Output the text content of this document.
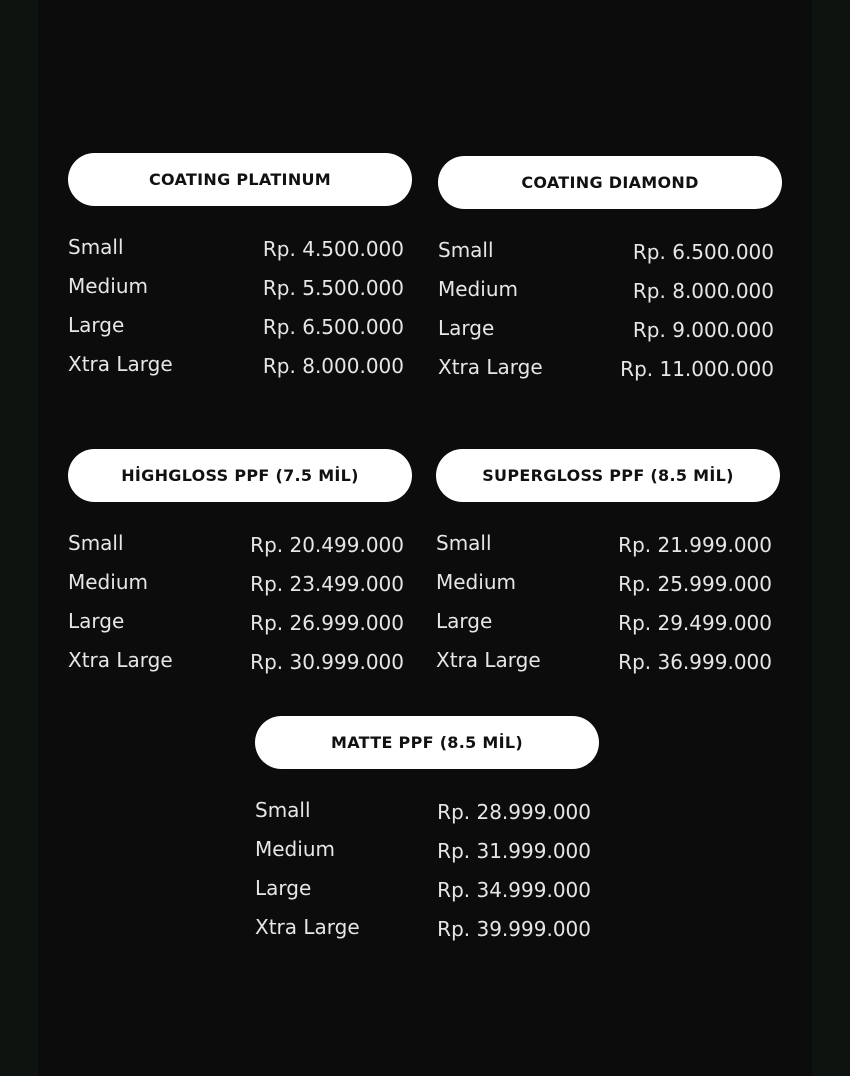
COATING PLATINUM
Small	Rp. 4.500.000
Medium	Rp. 5.500.000
Large	Rp. 6.500.000
Xtra Large	Rp. 8.000.000
COATING DIAMOND
Small	Rp. 6.500.000
Medium	Rp. 8.000.000
Large	Rp. 9.000.000
Xtra Large	Rp. 11.000.000
HİGHGLOSS PPF (7.5 MİL)
Small	Rp. 20.499.000
Medium	Rp. 23.499.000
Large	Rp. 26.999.000
Xtra Large	Rp. 30.999.000
SUPERGLOSS PPF (8.5 MİL)
Small	Rp. 21.999.000
Medium	Rp. 25.999.000
Large	Rp. 29.499.000
Xtra Large	Rp. 36.999.000
MATTE PPF (8.5 MİL)
Small	Rp. 28.999.000
Medium	Rp. 31.999.000
Large	Rp. 34.999.000
Xtra Large	Rp. 39.999.000
